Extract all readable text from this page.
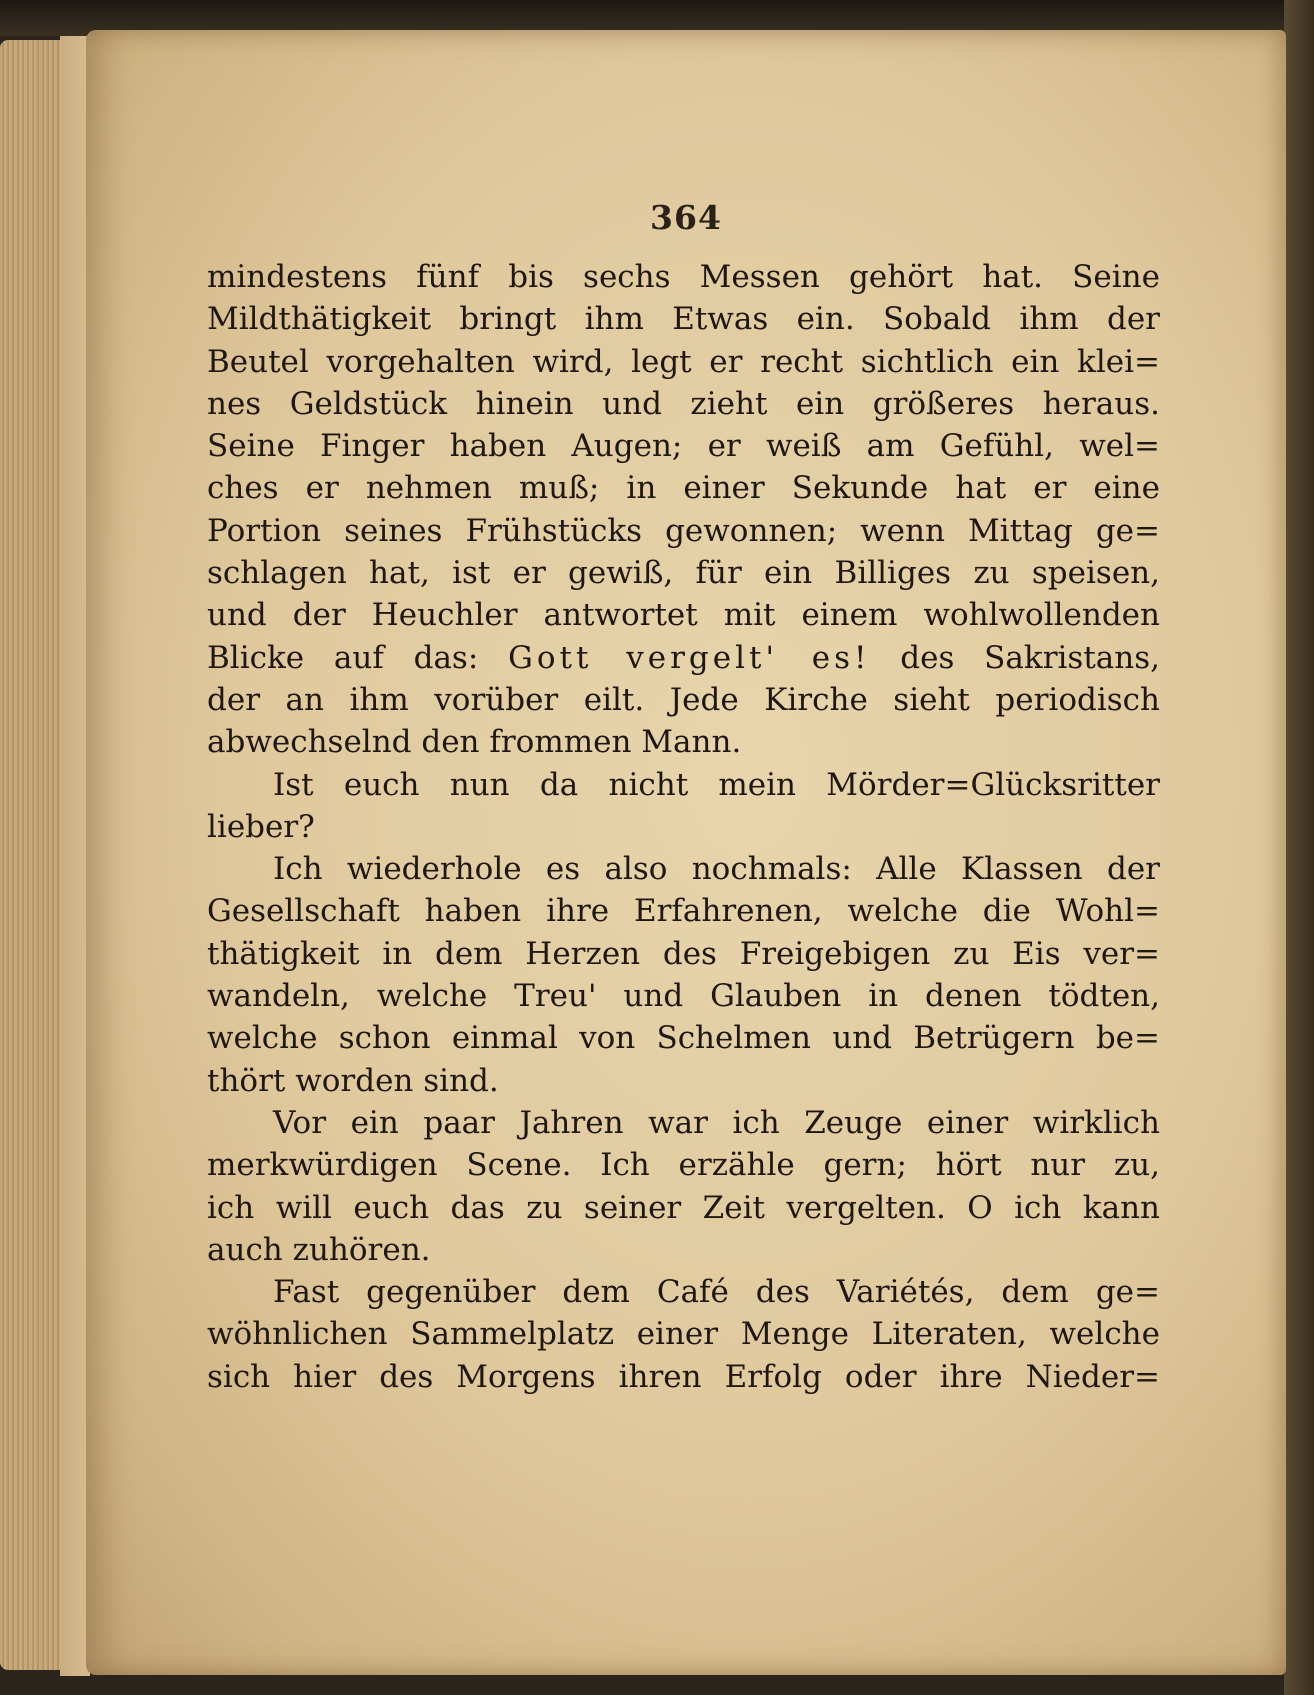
364
mindestens fünf bis sechs Messen gehört hat. Seine
Mildthätigkeit bringt ihm Etwas ein. Sobald ihm der
Beutel vorgehalten wird, legt er recht sichtlich ein klei=
nes Geldstück hinein und zieht ein größeres heraus.
Seine Finger haben Augen; er weiß am Gefühl, wel=
ches er nehmen muß; in einer Sekunde hat er eine
Portion seines Frühstücks gewonnen; wenn Mittag ge=
schlagen hat, ist er gewiß, für ein Billiges zu speisen,
und der Heuchler antwortet mit einem wohlwollenden
Blicke auf das: Gott vergelt' es! des Sakristans,
der an ihm vorüber eilt. Jede Kirche sieht periodisch
abwechselnd den frommen Mann.
Ist euch nun da nicht mein Mörder=Glücksritter
lieber?
Ich wiederhole es also nochmals: Alle Klassen der
Gesellschaft haben ihre Erfahrenen, welche die Wohl=
thätigkeit in dem Herzen des Freigebigen zu Eis ver=
wandeln, welche Treu' und Glauben in denen tödten,
welche schon einmal von Schelmen und Betrügern be=
thört worden sind.
Vor ein paar Jahren war ich Zeuge einer wirklich
merkwürdigen Scene. Ich erzähle gern; hört nur zu,
ich will euch das zu seiner Zeit vergelten. O ich kann
auch zuhören.
Fast gegenüber dem Café des Variétés, dem ge=
wöhnlichen Sammelplatz einer Menge Literaten, welche
sich hier des Morgens ihren Erfolg oder ihre Nieder=
